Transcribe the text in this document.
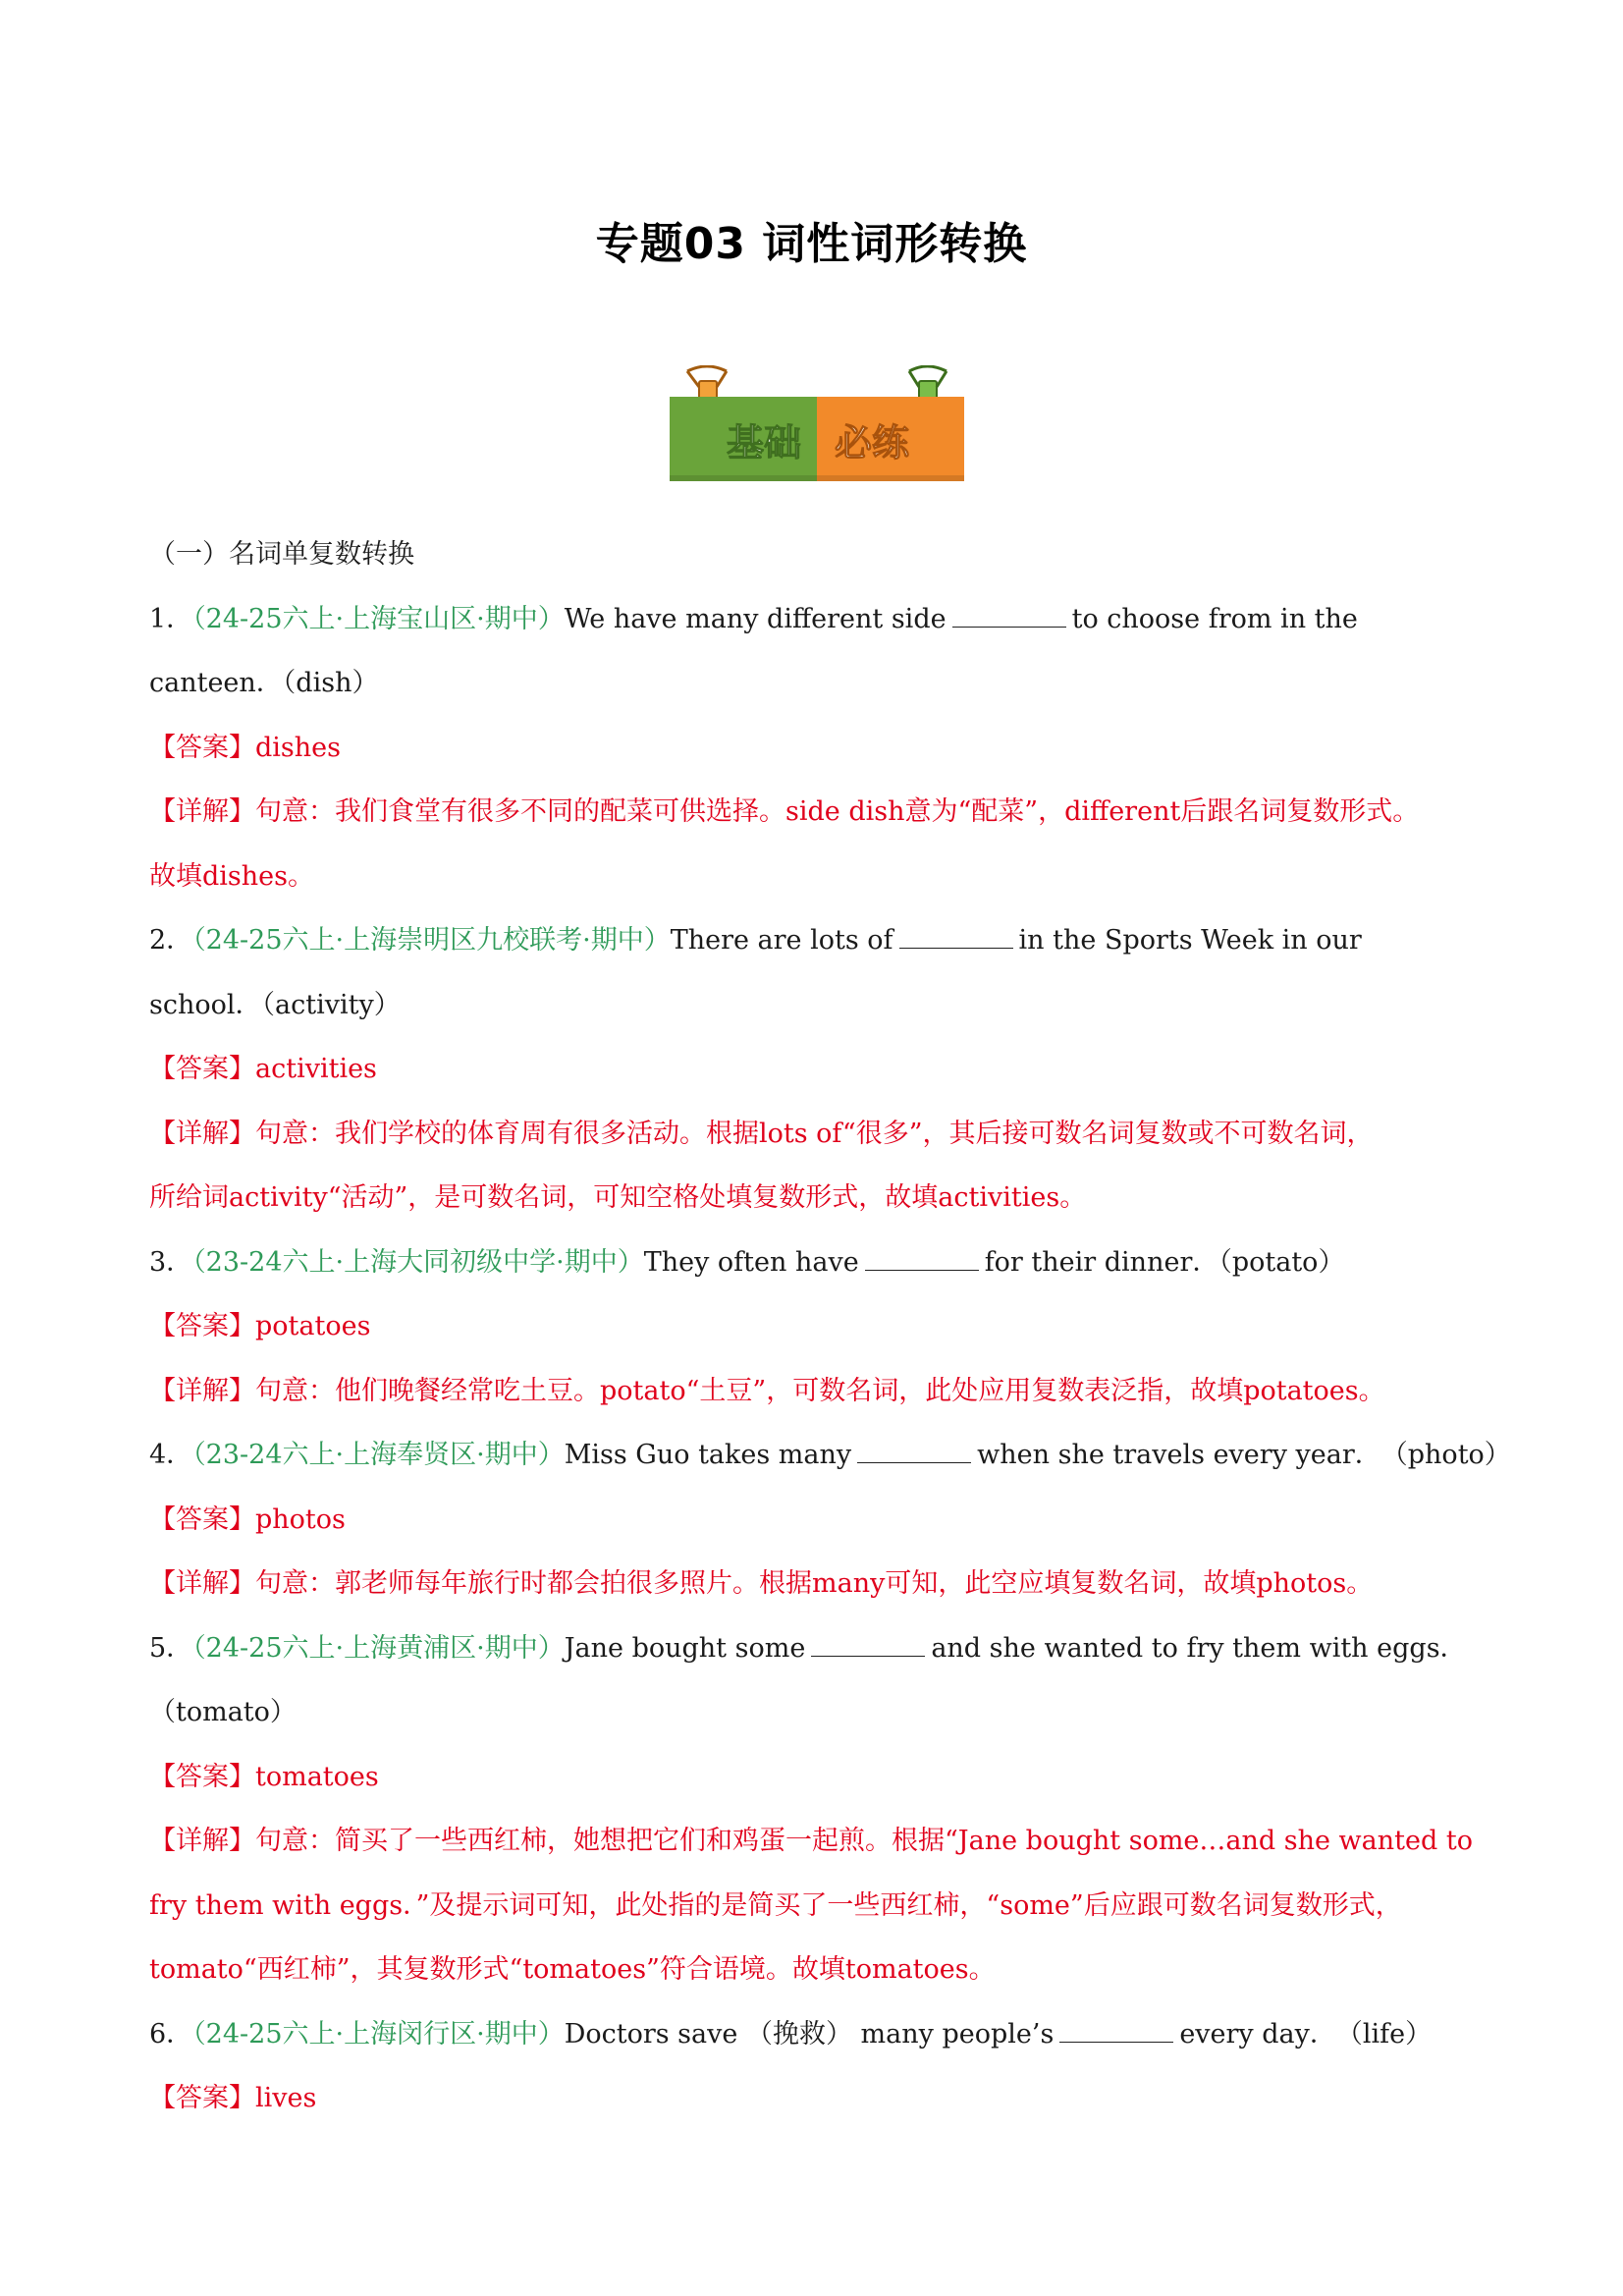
专题03 词性词形转换
基础 必练
（一）名词单复数转换
1．（24-25六上·上海宝山区·期中）We have many different side	to choose from in the
canteen．（dish）
【答案】dishes
【详解】句意：我们食堂有很多不同的配菜可供选择。side dish意为“配菜”，different后跟名词复数形式。
故填dishes。
2．（24-25六上·上海崇明区九校联考·期中）There are lots of	in the Sports Week in our
school．（activity）
【答案】activities
【详解】句意：我们学校的体育周有很多活动。根据lots of“很多”，其后接可数名词复数或不可数名词，
所给词activity“活动”，是可数名词，可知空格处填复数形式，故填activities。
3．（23-24六上·上海大同初级中学·期中）They often have	for their dinner．（potato）
【答案】potatoes
【详解】句意：他们晚餐经常吃土豆。potato“土豆”，可数名词，此处应用复数表泛指，故填potatoes。
4．（23-24六上·上海奉贤区·期中）Miss Guo takes many	when she travels every year．　（photo）
【答案】photos
【详解】句意：郭老师每年旅行时都会拍很多照片。根据many可知，此空应填复数名词，故填photos。
5．（24-25六上·上海黄浦区·期中）Jane bought some	and she wanted to fry them with eggs．
（tomato）
【答案】tomatoes
【详解】句意：简买了一些西红柿，她想把它们和鸡蛋一起煎。根据“Jane bought some…and she wanted to
fry them with eggs．”及提示词可知，此处指的是简买了一些西红柿，“some”后应跟可数名词复数形式，
tomato“西红柿”，其复数形式“tomatoes”符合语境。故填tomatoes。
6．（24-25六上·上海闵行区·期中）Doctors save （挽救） many people’s	every day．　（life）
【答案】lives
